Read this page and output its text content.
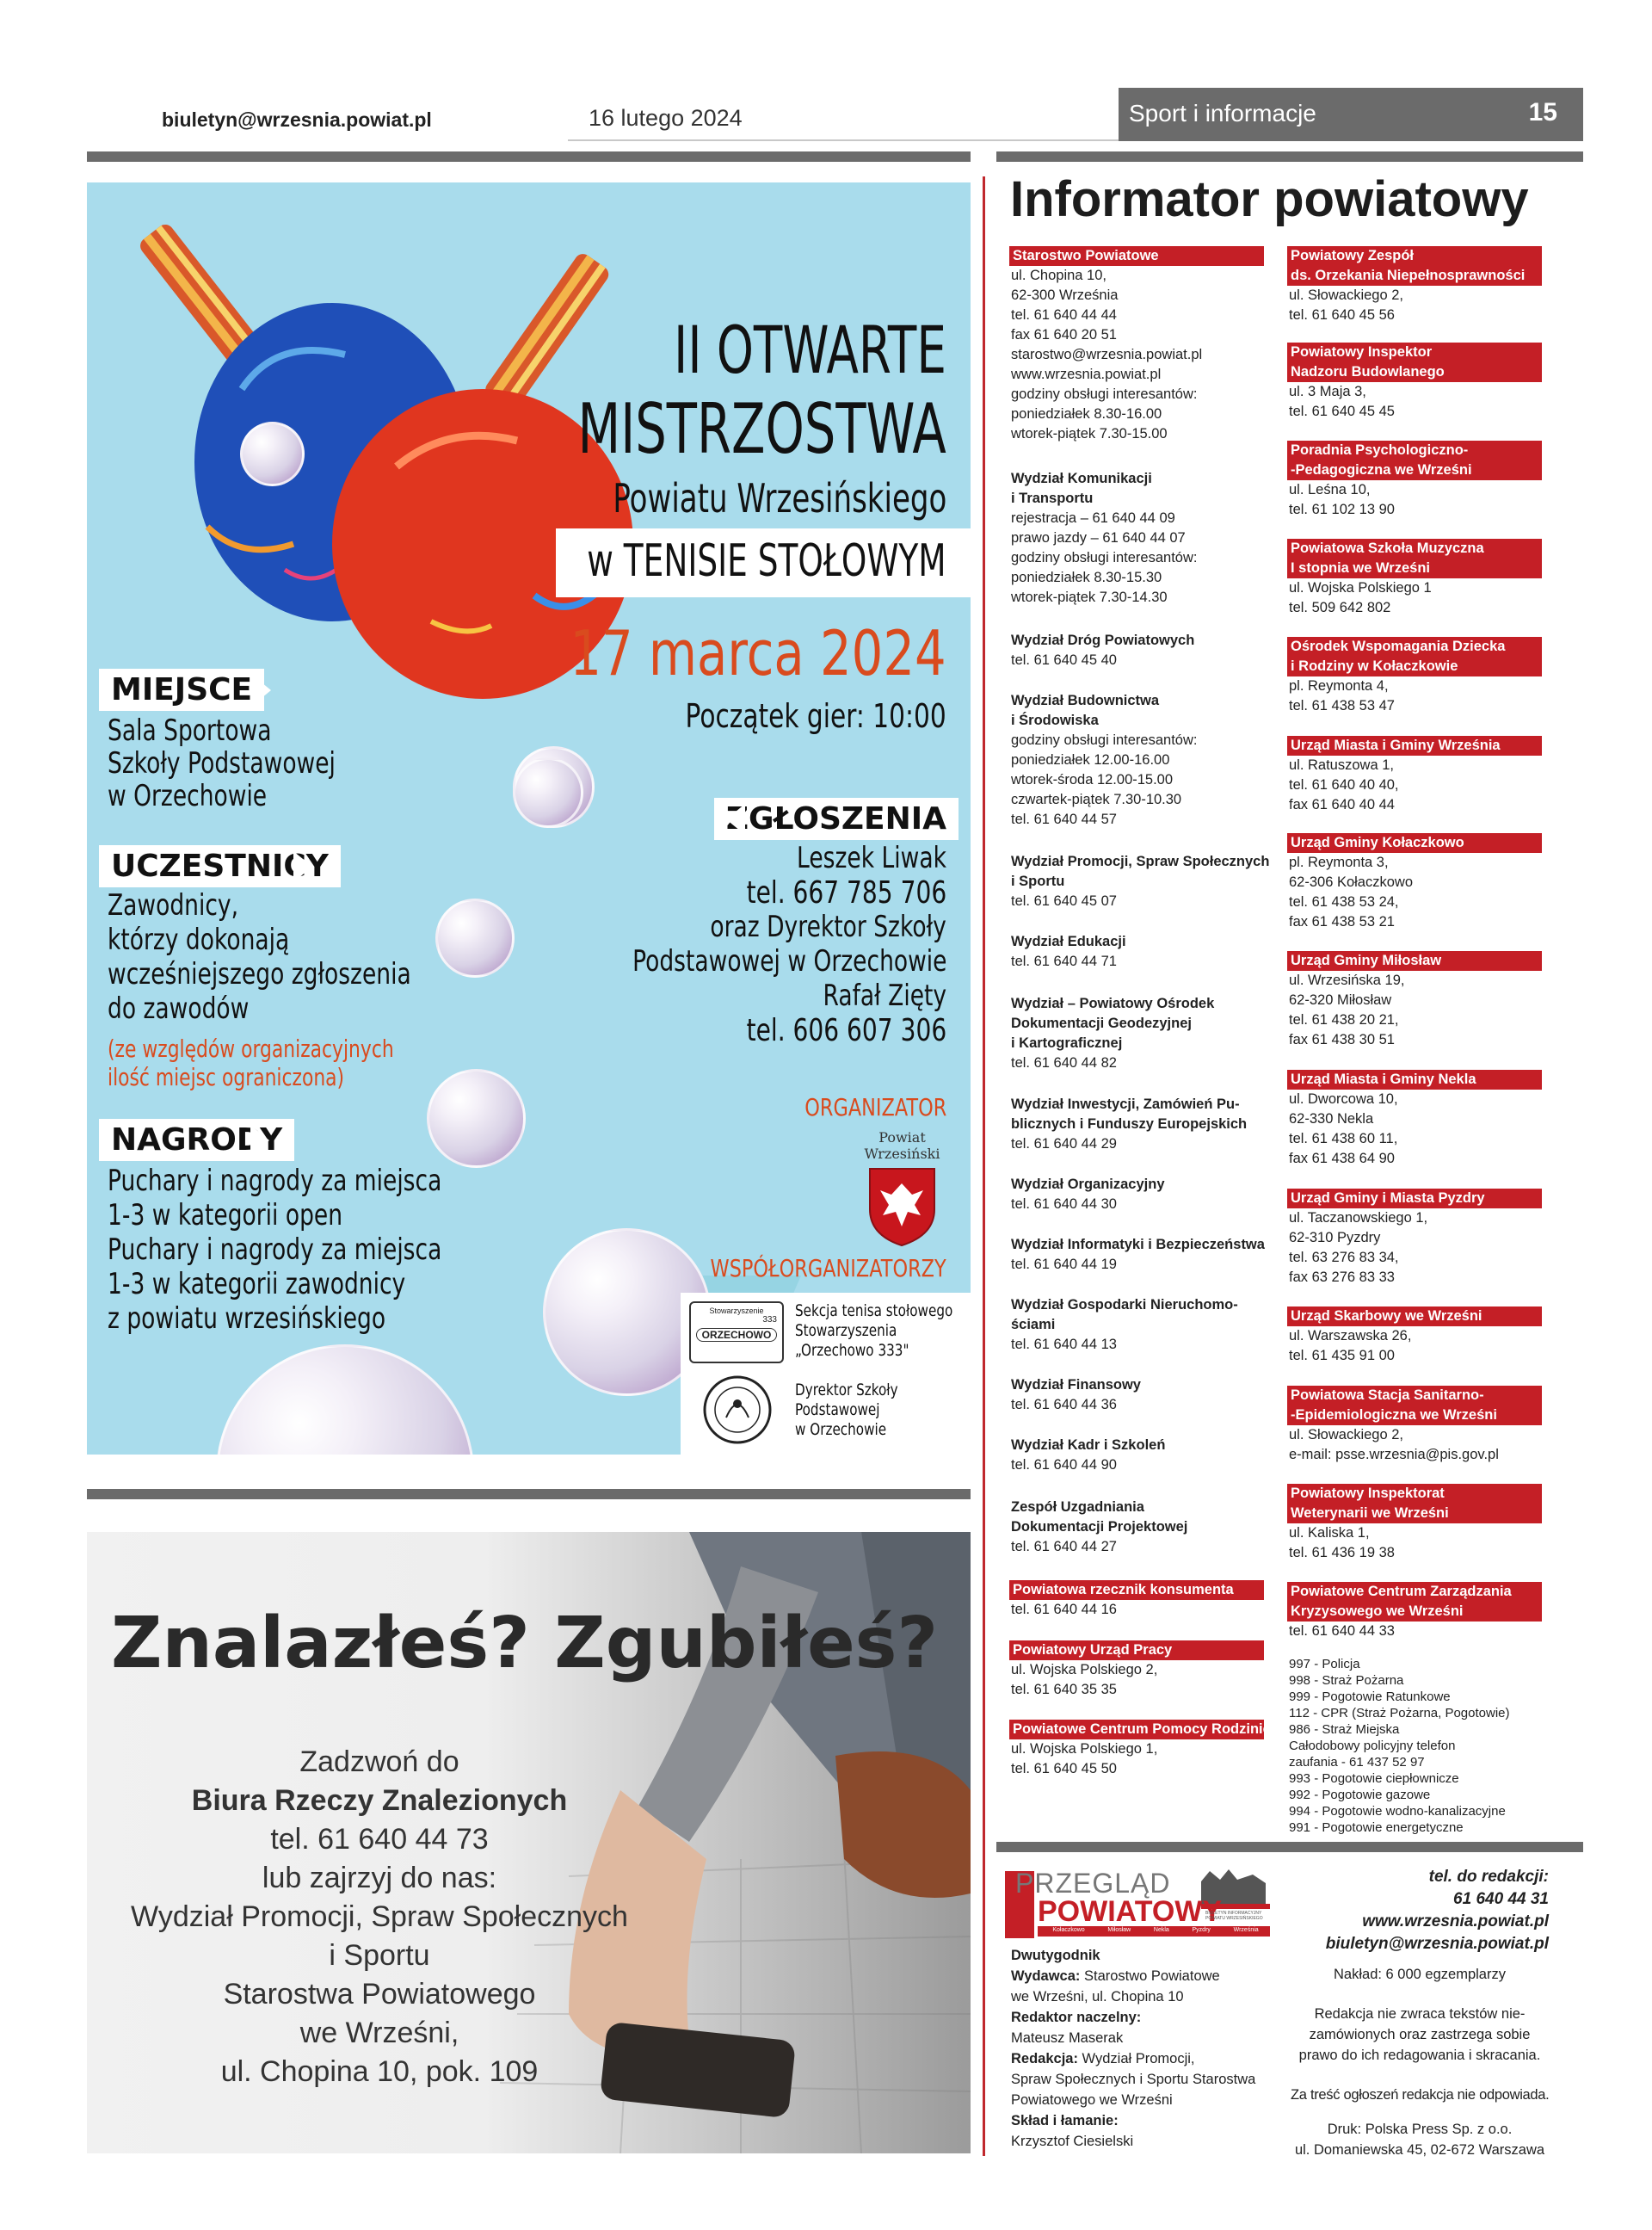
biuletyn@wrzesnia.powiat.pl	16 lutego 2024	Sport i informacje	15
II OTWARTE
MISTRZOSTWA
Powiatu Wrzesińskiego
w TENISIE STOŁOWYM
17 marca 2024
Początek gier: 10:00
MIEJSCE
Sala Sportowa
Szkoły Podstawowej
w Orzechowie
UCZESTNICY
Zawodnicy,
którzy dokonają
wcześniejszego zgłoszenia
do zawodów
(ze względów organizacyjnych
ilość miejsc ograniczona)
NAGRODY
Puchary i nagrody za miejsca
1-3 w kategorii open
Puchary i nagrody za miejsca
1-3 w kategorii zawodnicy
z powiatu wrzesińskiego
ZGŁOSZENIA
Leszek Liwak
tel. 667 785 706
oraz Dyrektor Szkoły
Podstawowej w Orzechowie
Rafał Zięty
tel. 606 607 306
ORGANIZATOR
Powiat Wrzesiński
WSPÓŁORGANIZATORZY
Stowarzyszenie
333
ORZECHOWO
Sekcja tenisa stołowego
Stowarzyszenia
„Orzechowo 333"
Dyrektor Szkoły
Podstawowej
w Orzechowie
Znalazłeś? Zgubiłeś?
Zadzwoń do
Biura Rzeczy Znalezionych
tel. 61 640 44 73
lub zajrzyj do nas:
Wydział Promocji, Spraw Społecznych
i Sportu
Starostwa Powiatowego
we Wrześni,
ul. Chopina 10, pok. 109
Informator powiatowy
Starostwo Powiatowe
ul. Chopina 10,
62-300 Września
tel. 61 640 44 44
fax 61 640 20 51
starostwo@wrzesnia.powiat.pl
www.wrzesnia.powiat.pl
godziny obsługi interesantów:
poniedziałek 8.30-16.00
wtorek-piątek 7.30-15.00
Wydział Komunikacji
i Transportu
rejestracja – 61 640 44 09
prawo jazdy – 61 640 44 07
godziny obsługi interesantów:
poniedziałek 8.30-15.30
wtorek-piątek 7.30-14.30
Wydział Dróg Powiatowych
tel. 61 640 45 40
Wydział Budownictwa
i Środowiska
godziny obsługi interesantów:
poniedziałek 12.00-16.00
wtorek-środa 12.00-15.00
czwartek-piątek 7.30-10.30
tel. 61 640 44 57
Wydział Promocji, Spraw Społecznych
i Sportu
tel. 61 640 45 07
Wydział Edukacji
tel. 61 640 44 71
Wydział – Powiatowy Ośrodek
Dokumentacji Geodezyjnej
i Kartograficznej
tel. 61 640 44 82
Wydział Inwestycji, Zamówień Pu-
blicznych i Funduszy Europejskich
tel. 61 640 44 29
Wydział Organizacyjny
tel. 61 640 44 30
Wydział Informatyki i Bezpieczeństwa
tel. 61 640 44 19
Wydział Gospodarki Nieruchomo-
ściami
tel. 61 640 44 13
Wydział Finansowy
tel. 61 640 44 36
Wydział Kadr i Szkoleń
tel. 61 640 44 90
Zespół Uzgadniania
Dokumentacji Projektowej
tel. 61 640 44 27
Powiatowa rzecznik konsumenta
tel. 61 640 44 16
Powiatowy Urząd Pracy
ul. Wojska Polskiego 2,
tel. 61 640 35 35
Powiatowe Centrum Pomocy Rodzinie
ul. Wojska Polskiego 1,
tel. 61 640 45 50
Powiatowy Zespół
ds. Orzekania Niepełnosprawności
ul. Słowackiego 2,
tel. 61 640 45 56
Powiatowy Inspektor
Nadzoru Budowlanego
ul. 3 Maja 3,
tel. 61 640 45 45
Poradnia Psychologiczno-
-Pedagogiczna we Wrześni
ul. Leśna 10,
tel. 61 102 13 90
Powiatowa Szkoła Muzyczna
I stopnia we Wrześni
ul. Wojska Polskiego 1
tel. 509 642 802
Ośrodek Wspomagania Dziecka
i Rodziny w Kołaczkowie
pl. Reymonta 4,
tel. 61 438 53 47
Urząd Miasta i Gminy Września
ul. Ratuszowa 1,
tel. 61 640 40 40,
fax 61 640 40 44
Urząd Gminy Kołaczkowo
pl. Reymonta 3,
62-306 Kołaczkowo
tel. 61 438 53 24,
fax 61 438 53 21
Urząd Gminy Miłosław
ul. Wrzesińska 19,
62-320 Miłosław
tel. 61 438 20 21,
fax 61 438 30 51
Urząd Miasta i Gminy Nekla
ul. Dworcowa 10,
62-330 Nekla
tel. 61 438 60 11,
fax 61 438 64 90
Urząd Gminy i Miasta Pyzdry
ul. Taczanowskiego 1,
62-310 Pyzdry
tel. 63 276 83 34,
fax 63 276 83 33
Urząd Skarbowy we Wrześni
ul. Warszawska 26,
tel. 61 435 91 00
Powiatowa Stacja Sanitarno-
-Epidemiologiczna we Wrześni
ul. Słowackiego 2,
e-mail: psse.wrzesnia@pis.gov.pl
Powiatowy Inspektorat
Weterynarii we Wrześni
ul. Kaliska 1,
tel. 61 436 19 38
Powiatowe Centrum Zarządzania
Kryzysowego we Wrześni
tel. 61 640 44 33
997 - Policja
998 - Straż Pożarna
999 - Pogotowie Ratunkowe
112 - CPR (Straż Pożarna, Pogotowie)
986 - Straż Miejska
Całodobowy policyjny telefon
zaufania - 61 437 52 97
993 - Pogotowie ciepłownicze
992 - Pogotowie gazowe
994 - Pogotowie wodno-kanalizacyjne
991 - Pogotowie energetyczne
PRZEGLĄD
POWIATOWY
BIULETYN INFORMACYJNY POWIATU WRZESIŃSKIEGO
Kołaczkowo	Miłosław	Nekla	Pyzdry	Września
Dwutygodnik
Wydawca: Starostwo Powiatowe
we Wrześni, ul. Chopina 10
Redaktor naczelny:
Mateusz Maserak
Redakcja: Wydział Promocji,
Spraw Społecznych i Sportu Starostwa
Powiatowego we Wrześni
Skład i łamanie:
Krzysztof Ciesielski
tel. do redakcji:
61 640 44 31
www.wrzesnia.powiat.pl
biuletyn@wrzesnia.powiat.pl
Nakład: 6 000 egzemplarzy
Redakcja nie zwraca tekstów nie-
zamówionych oraz zastrzega sobie
prawo do ich redagowania i skracania.
Za treść ogłoszeń redakcja nie odpowiada.
Druk: Polska Press Sp. z o.o.
ul. Domaniewska 45, 02-672 Warszawa
